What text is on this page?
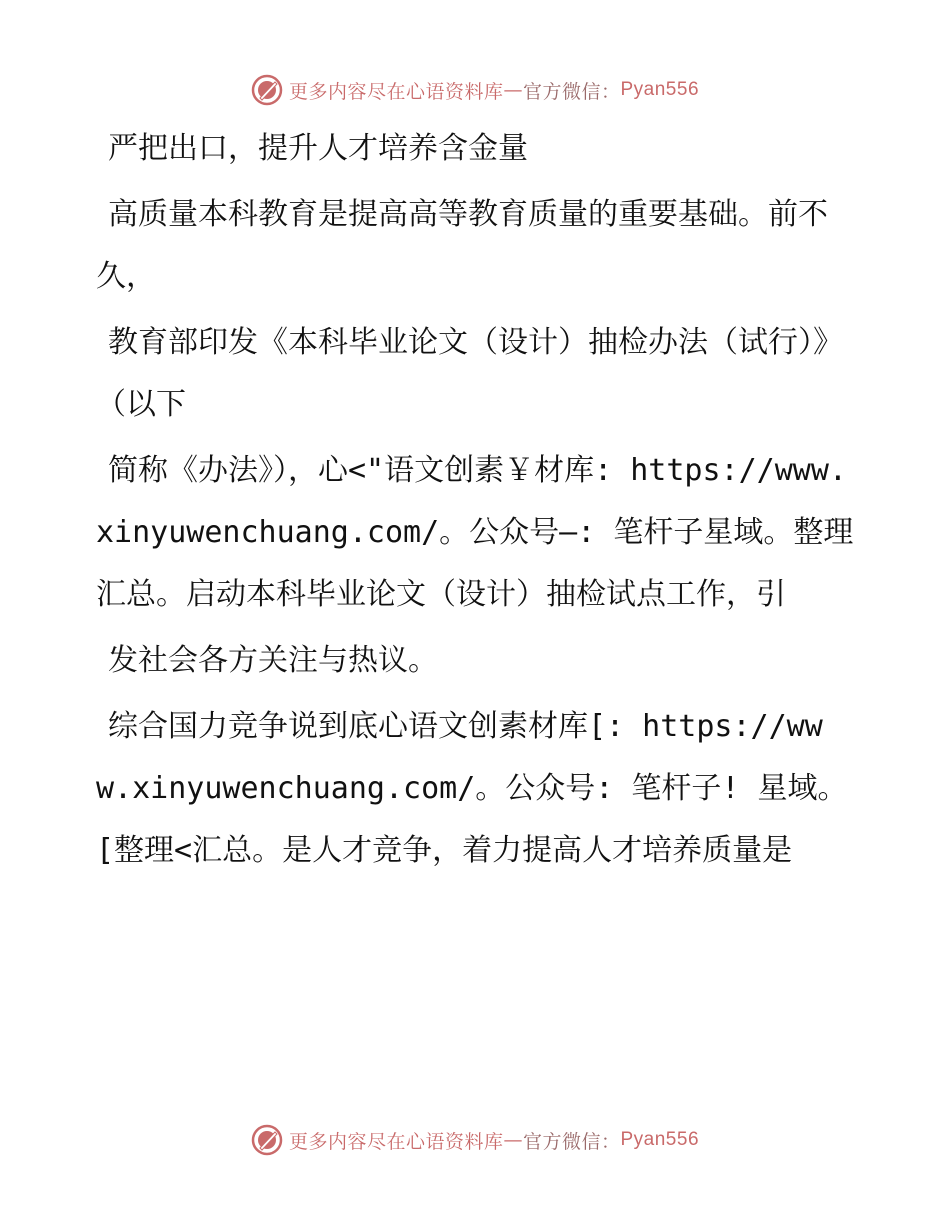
更多内容尽在心语资料库 — 官方微信： Pyan556

严把出口，提升人才培养含金量

高质量本科教育是提高高等教育质量的重要基础。前不久，

教育部印发《本科毕业论文（设计）抽检办法（试行）》（以下

简称《办法》），心<"语文创素￥材库: https://www.xinyuwenchuang.com/。公众号—: 笔杆子星域。整理汇总。启动本科毕业论文（设计）抽检试点工作，引

发社会各方关注与热议。

综合国力竞争说到底心语文创素材库[: https://www.xinyuwenchuang.com/。公众号: 笔杆子! 星域。[整理<汇总。是人才竞争，着力提高人才培养质量是

更多内容尽在心语资料库 — 官方微信： Pyan556
